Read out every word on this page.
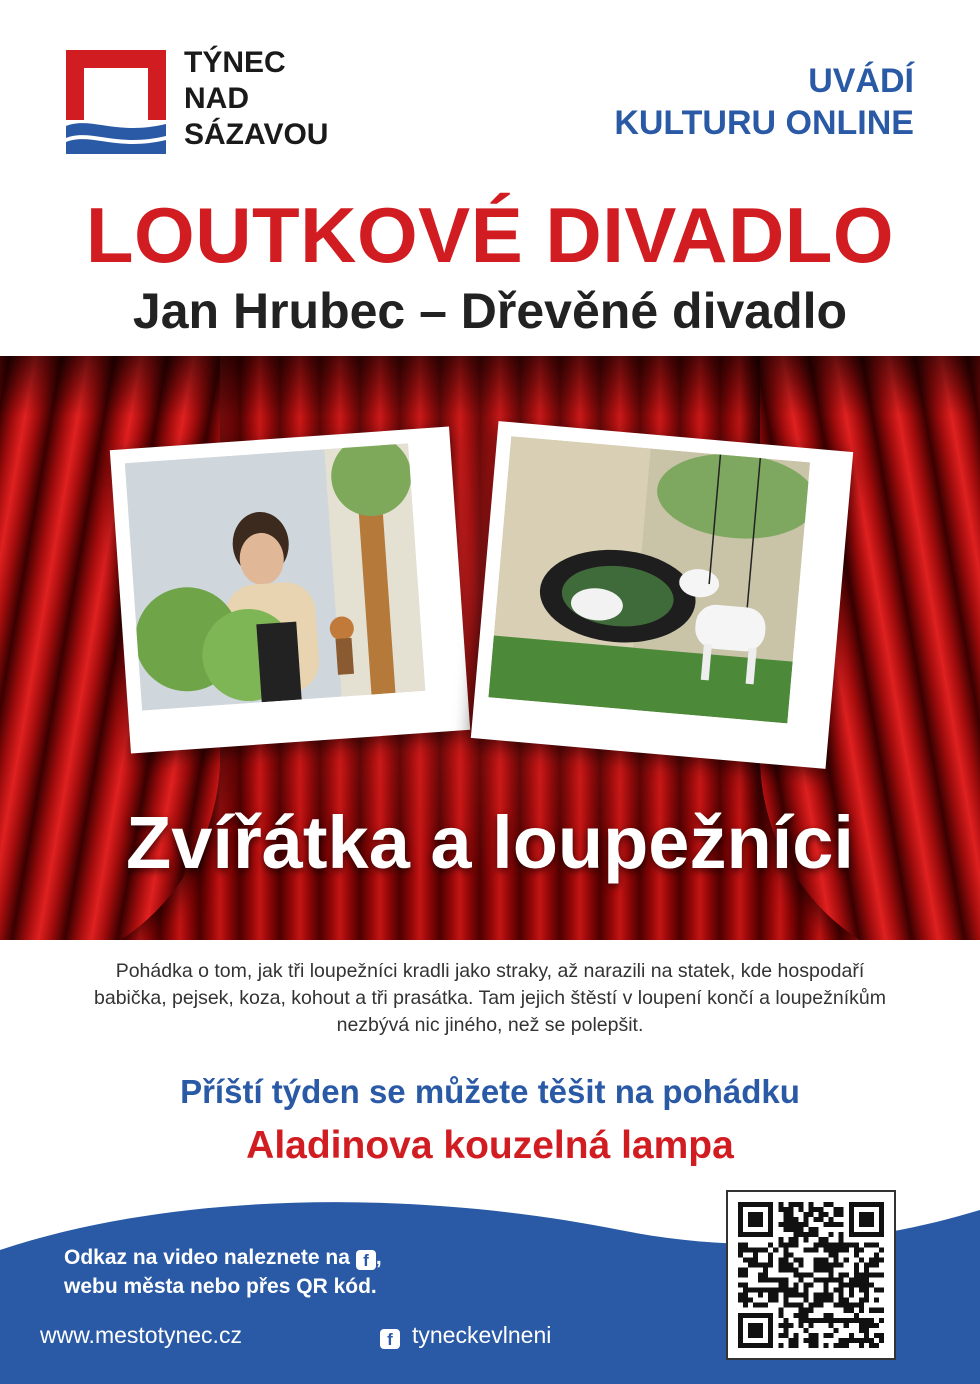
TÝNEC
NAD
SÁZAVOU
UVÁDÍ
KULTURU ONLINE
LOUTKOVÉ DIVADLO
Jan Hrubec – Dřevěné divadlo
Zvířátka a loupežníci
Pohádka o tom, jak tři loupežníci kradli jako straky, až narazili na statek, kde hospodaří babička, pejsek, koza, kohout a tři prasátka. Tam jejich štěstí v loupení končí a loupežníkům nezbývá nic jiného, než se polepšit.
Příští týden se můžete těšit na pohádku
Aladinova kouzelná lampa
Odkaz na video naleznete na f ,
webu města nebo přes QR kód.
www.mestotynec.cz	f tyneckevlneni
